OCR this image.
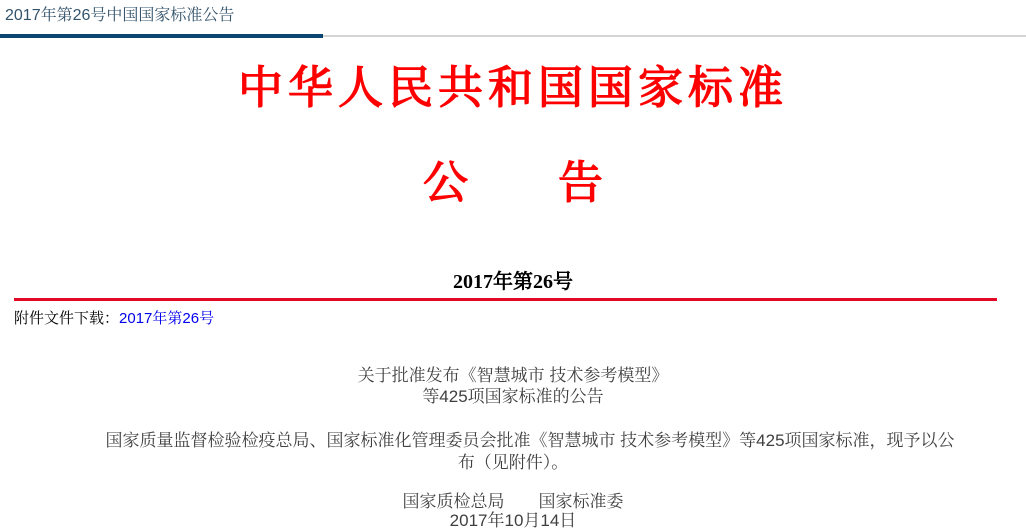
2017年第26号中国国家标准公告
中华人民共和国国家标准
公　　告
2017年第26号
附件文件下载：2017年第26号
关于批准发布《智慧城市 技术参考模型》
等425项国家标准的公告
　　国家质量监督检验检疫总局、国家标准化管理委员会批准《智慧城市 技术参考模型》等425项国家标准，现予以公
布（见附件）。
国家质检总局　　国家标准委
2017年10月14日
